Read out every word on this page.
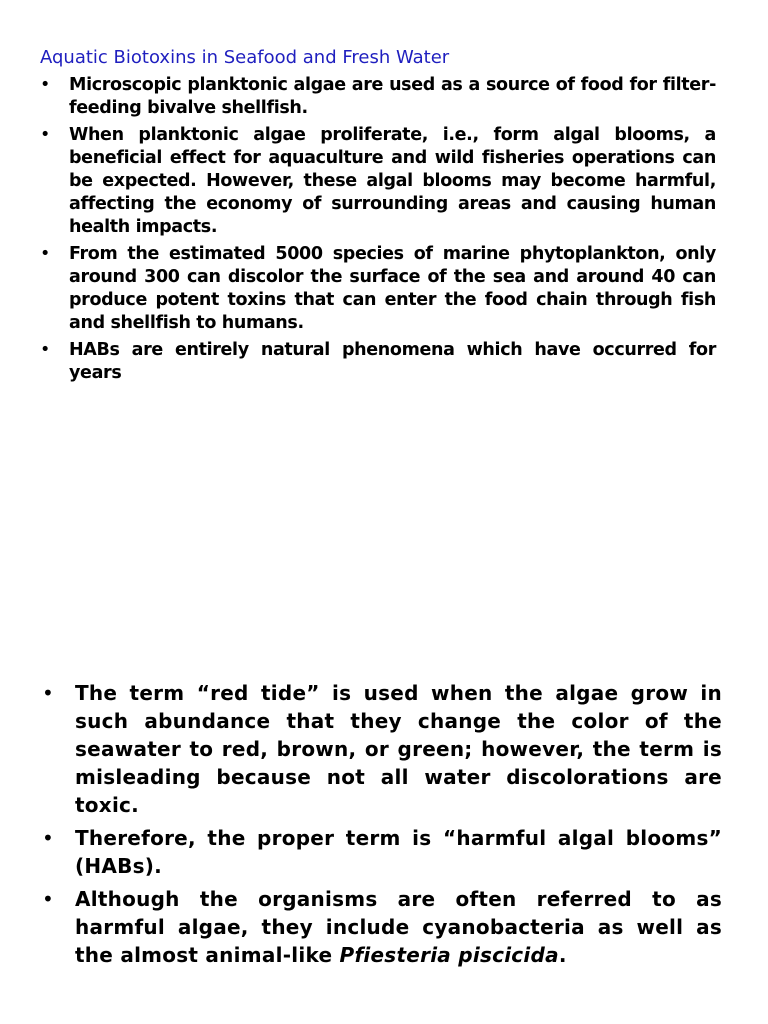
Aquatic Biotoxins in Seafood and Fresh Water
• Microscopic planktonic algae are used as a source of food for filter-feeding bivalve shellfish.
• When planktonic algae proliferate, i.e., form algal blooms, a beneficial effect for aquaculture and wild fisheries operations can be expected. However, these algal blooms may become harmful, affecting the economy of surrounding areas and causing human health impacts.
• From the estimated 5000 species of marine phytoplankton, only around 300 can discolor the surface of the sea and around 40 can produce potent toxins that can enter the food chain through fish and shellfish to humans.
• HABs are entirely natural phenomena which have occurred for years
• The term “red tide” is used when the algae grow in such abundance that they change the color of the seawater to red, brown, or green; however, the term is misleading because not all water discolorations are toxic.
• Therefore, the proper term is “harmful algal blooms” (HABs).
• Although the organisms are often referred to as harmful algae, they include cyanobacteria as well as the almost animal-like Pfiesteria piscicida.
